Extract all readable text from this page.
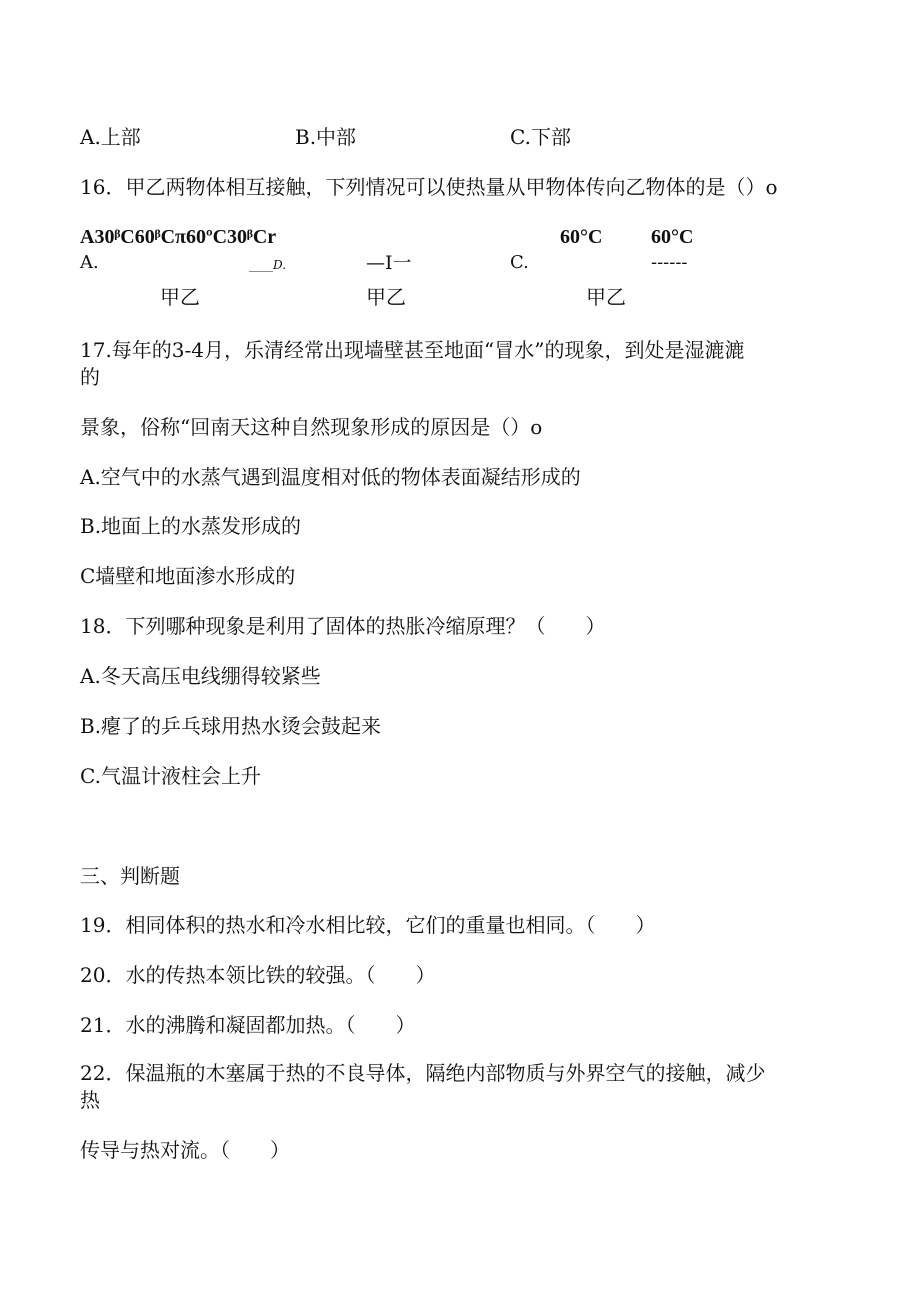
A.上部	B.中部	C.下部
16．甲乙两物体相互接触，下列情况可以使热量从甲物体传向乙物体的是（）o
A30ᵝC60ᵝCπ60ºC30ᵝCr	60°C 60°C
A.	____D.	—I一	C.	------
甲乙	甲乙	甲乙
17.每年的3-4月，乐清经常出现墙壁甚至地面“冒水”的现象，到处是湿漉漉
的
景象，俗称“回南天这种自然现象形成的原因是（）o
A.空气中的水蒸气遇到温度相对低的物体表面凝结形成的
B.地面上的水蒸发形成的
C墙壁和地面渗水形成的
18．下列哪种现象是利用了固体的热胀冷缩原理？（　　）
A.冬天高压电线绷得较紧些
B.瘪了的乒乓球用热水烫会鼓起来
C.气温计液柱会上升
三、判断题
19．相同体积的热水和冷水相比较，它们的重量也相同。（　　）
20．水的传热本领比铁的较强。（　　）
21．水的沸腾和凝固都加热。（　　）
22．保温瓶的木塞属于热的不良导体，隔绝内部物质与外界空气的接触，减少
热
传导与热对流。（　　）
